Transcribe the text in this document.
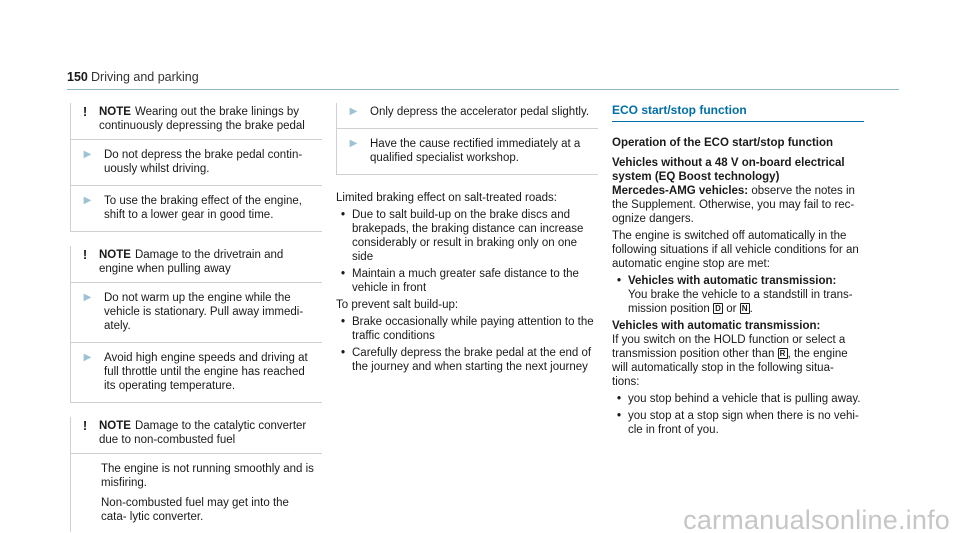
150 Driving and parking
!	NOTE Wearing out the brake linings by continuously depressing the brake pedal
▶	Do not depress the brake pedal contin- uously whilst driving.
▶	To use the braking effect of the engine, shift to a lower gear in good time.
!	NOTE Damage to the drivetrain and engine when pulling away
▶	Do not warm up the engine while the vehicle is stationary. Pull away immedi- ately.
▶	Avoid high engine speeds and driving at full throttle until the engine has reached its operating temperature.
!	NOTE Damage to the catalytic converter due to non-combusted fuel

The engine is not running smoothly and is misfiring.

Non-combusted fuel may get into the cata- lytic converter.

▶	Only depress the accelerator pedal slightly.
▶	Have the cause rectified immediately at a qualified specialist workshop.

Limited braking effect on salt-treated roads:

• Due to salt build-up on the brake discs and brakepads, the braking distance can increase considerably or result in braking only on one side
• Maintain a much greater safe distance to the vehicle in front

To prevent salt build-up:

• Brake occasionally while paying attention to the traffic conditions
• Carefully depress the brake pedal at the end of the journey and when starting the next journey
ECO start/stop function

Operation of the ECO start/stop function

Vehicles without a 48 V on-board electrical system (EQ Boost technology)

Mercedes-AMG vehicles: observe the notes in the Supplement. Otherwise, you may fail to rec- ognize dangers.

The engine is switched off automatically in the following situations if all vehicle conditions for an automatic engine stop are met:

• Vehicles with automatic transmission:
You brake the vehicle to a standstill in trans- mission position D or N .

Vehicles with automatic transmission:

If you switch on the HOLD function or select a transmission position other than R , the engine will automatically stop in the following situa- tions:

• you stop behind a vehicle that is pulling away.
• you stop at a stop sign when there is no vehi- cle in front of you.
carmanualsonline.info
